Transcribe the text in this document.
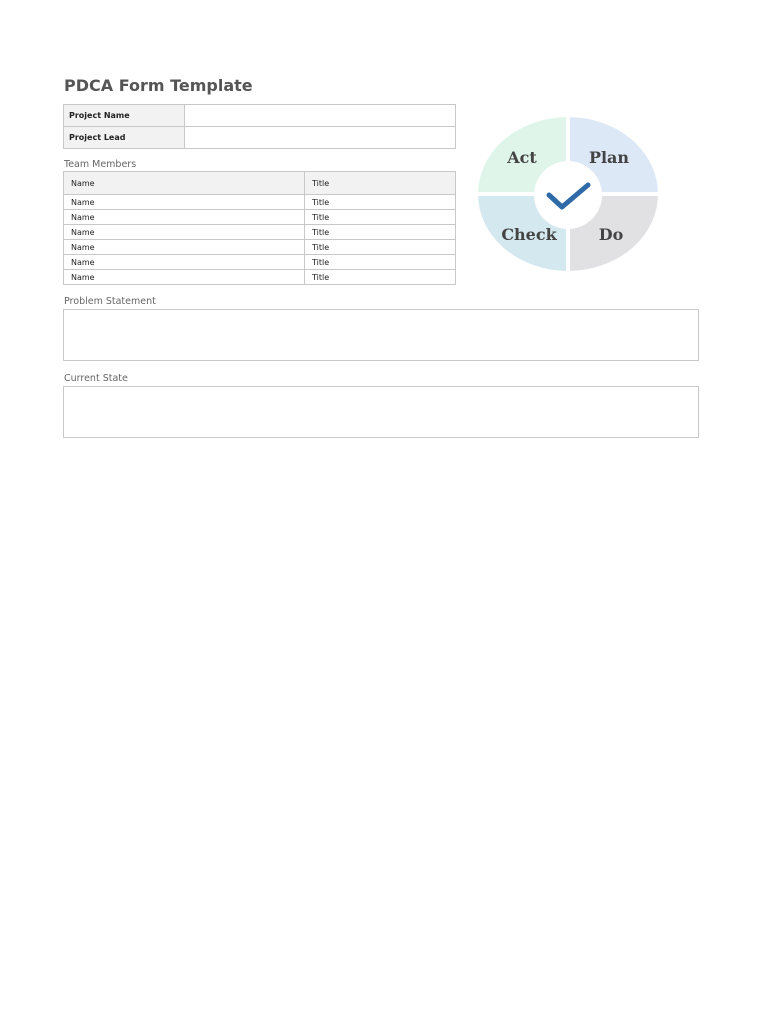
PDCA Form Template
Project Name	
Project Lead	
Team Members
Name	Title
Name	Title
Name	Title
Name	Title
Name	Title
Name	Title
Name	Title
Act	Plan
Check	Do
Problem Statement
Current State
